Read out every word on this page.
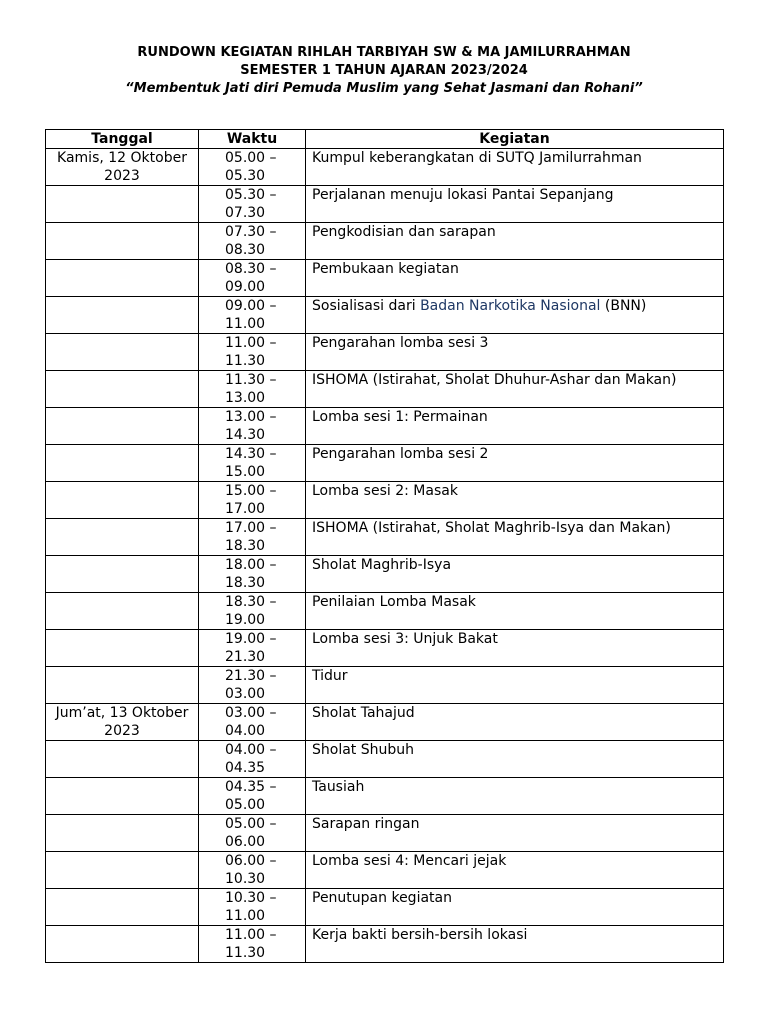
RUNDOWN KEGIATAN RIHLAH TARBIYAH SW & MA JAMILURRAHMAN
SEMESTER 1 TAHUN AJARAN 2023/2024
“Membentuk Jati diri Pemuda Muslim yang Sehat Jasmani dan Rohani”
Tanggal	Waktu	Kegiatan
Kamis, 12 Oktober 2023	05.00 – 05.30	Kumpul keberangkatan di SUTQ Jamilurrahman
	05.30 – 07.30	Perjalanan menuju lokasi Pantai Sepanjang
	07.30 – 08.30	Pengkodisian dan sarapan
	08.30 – 09.00	Pembukaan kegiatan
	09.00 – 11.00	Sosialisasi dari Badan Narkotika Nasional (BNN)
	11.00 – 11.30	Pengarahan lomba sesi 3
	11.30 – 13.00	ISHOMA (Istirahat, Sholat Dhuhur-Ashar dan Makan)
	13.00 – 14.30	Lomba sesi 1: Permainan
	14.30 – 15.00	Pengarahan lomba sesi 2
	15.00 – 17.00	Lomba sesi 2: Masak
	17.00 – 18.30	ISHOMA (Istirahat, Sholat Maghrib-Isya dan Makan)
	18.00 – 18.30	Sholat Maghrib-Isya
	18.30 – 19.00	Penilaian Lomba Masak
	19.00 – 21.30	Lomba sesi 3: Unjuk Bakat
	21.30 – 03.00	Tidur
Jum’at, 13 Oktober 2023	03.00 – 04.00	Sholat Tahajud
	04.00 – 04.35	Sholat Shubuh
	04.35 – 05.00	Tausiah
	05.00 – 06.00	Sarapan ringan
	06.00 – 10.30	Lomba sesi 4: Mencari jejak
	10.30 – 11.00	Penutupan kegiatan
	11.00 – 11.30	Kerja bakti bersih-bersih lokasi
